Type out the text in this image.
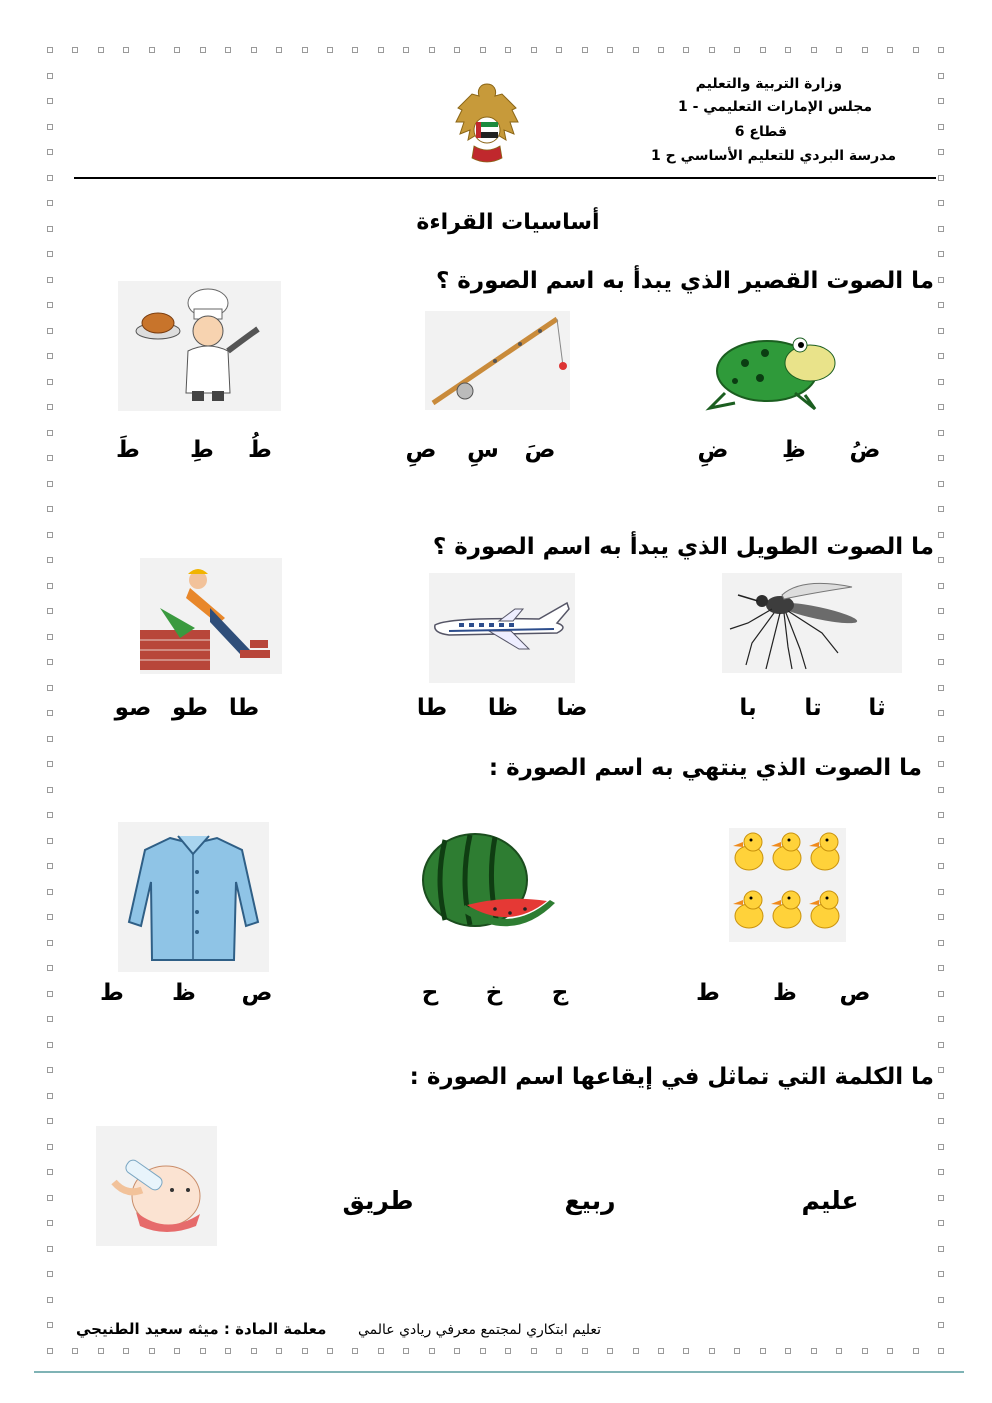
وزارة التربية والتعليم
مجلس الإمارات التعليمي - 1
قطاع 6
مدرسة البردي للتعليم الأساسي ح 1
أساسيات القراءة
ما الصوت القصير الذي يبدأ به اسم الصورة ؟
ضُ
ظِ
ضِ
صَ
سِ
صِ
طُ
طِ
طَ
ما الصوت الطويل الذي يبدأ به اسم الصورة ؟
ثا
تا
با
ضا
ظا
طا
طا
طو
صو
ما الصوت الذي ينتهي به اسم الصورة :
ص
ظ
ط
ج
خ
ح
ص
ظ
ط
ما الكلمة التي تماثل في إيقاعها اسم الصورة :
عليم
ربيع
طريق
تعليم ابتكاري لمجتمع معرفي ريادي عالمي
معلمة المادة : ميثه سعيد الطنيجي
